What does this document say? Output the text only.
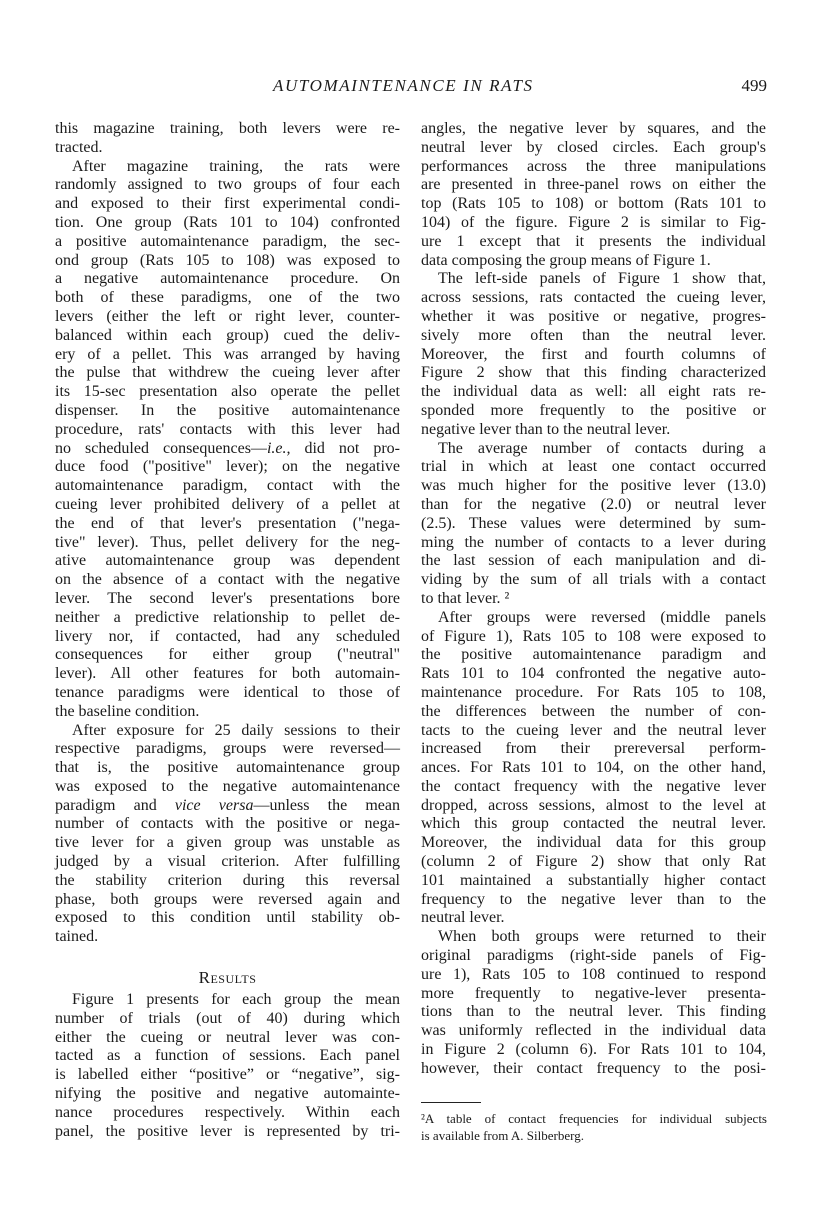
AUTOMAINTENANCE IN RATS	499
this magazine training, both levers were re-
tracted.
After magazine training, the rats were
randomly assigned to two groups of four each
and exposed to their first experimental condi-
tion. One group (Rats 101 to 104) confronted
a positive automaintenance paradigm, the sec-
ond group (Rats 105 to 108) was exposed to
a negative automaintenance procedure. On
both of these paradigms, one of the two
levers (either the left or right lever, counter-
balanced within each group) cued the deliv-
ery of a pellet. This was arranged by having
the pulse that withdrew the cueing lever after
its 15-sec presentation also operate the pellet
dispenser. In the positive automaintenance
procedure, rats' contacts with this lever had
no scheduled consequences—i.e., did not pro-
duce food ("positive" lever); on the negative
automaintenance paradigm, contact with the
cueing lever prohibited delivery of a pellet at
the end of that lever's presentation ("nega-
tive" lever). Thus, pellet delivery for the neg-
ative automaintenance group was dependent
on the absence of a contact with the negative
lever. The second lever's presentations bore
neither a predictive relationship to pellet de-
livery nor, if contacted, had any scheduled
consequences for either group ("neutral"
lever). All other features for both automain-
tenance paradigms were identical to those of
the baseline condition.
After exposure for 25 daily sessions to their
respective paradigms, groups were reversed—
that is, the positive automaintenance group
was exposed to the negative automaintenance
paradigm and vice versa—unless the mean
number of contacts with the positive or nega-
tive lever for a given group was unstable as
judged by a visual criterion. After fulfilling
the stability criterion during this reversal
phase, both groups were reversed again and
exposed to this condition until stability ob-
tained.
Results
Figure 1 presents for each group the mean
number of trials (out of 40) during which
either the cueing or neutral lever was con-
tacted as a function of sessions. Each panel
is labelled either “positive” or “negative”, sig-
nifying the positive and negative automainte-
nance procedures respectively. Within each
panel, the positive lever is represented by tri-
angles, the negative lever by squares, and the
neutral lever by closed circles. Each group's
performances across the three manipulations
are presented in three-panel rows on either the
top (Rats 105 to 108) or bottom (Rats 101 to
104) of the figure. Figure 2 is similar to Fig-
ure 1 except that it presents the individual
data composing the group means of Figure 1.
The left-side panels of Figure 1 show that,
across sessions, rats contacted the cueing lever,
whether it was positive or negative, progres-
sively more often than the neutral lever.
Moreover, the first and fourth columns of
Figure 2 show that this finding characterized
the individual data as well: all eight rats re-
sponded more frequently to the positive or
negative lever than to the neutral lever.
The average number of contacts during a
trial in which at least one contact occurred
was much higher for the positive lever (13.0)
than for the negative (2.0) or neutral lever
(2.5). These values were determined by sum-
ming the number of contacts to a lever during
the last session of each manipulation and di-
viding by the sum of all trials with a contact
to that lever. ²
After groups were reversed (middle panels
of Figure 1), Rats 105 to 108 were exposed to
the positive automaintenance paradigm and
Rats 101 to 104 confronted the negative auto-
maintenance procedure. For Rats 105 to 108,
the differences between the number of con-
tacts to the cueing lever and the neutral lever
increased from their prereversal perform-
ances. For Rats 101 to 104, on the other hand,
the contact frequency with the negative lever
dropped, across sessions, almost to the level at
which this group contacted the neutral lever.
Moreover, the individual data for this group
(column 2 of Figure 2) show that only Rat
101 maintained a substantially higher contact
frequency to the negative lever than to the
neutral lever.
When both groups were returned to their
original paradigms (right-side panels of Fig-
ure 1), Rats 105 to 108 continued to respond
more frequently to negative-lever presenta-
tions than to the neutral lever. This finding
was uniformly reflected in the individual data
in Figure 2 (column 6). For Rats 101 to 104,
however, their contact frequency to the posi-
²A table of contact frequencies for individual subjects
is available from A. Silberberg.
